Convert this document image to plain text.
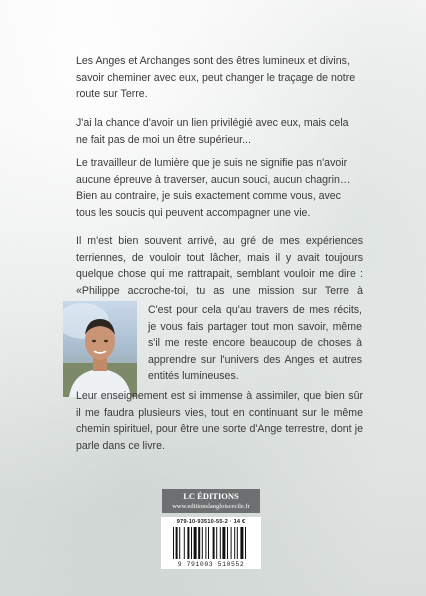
Les Anges et Archanges sont des êtres lumineux et divins, savoir cheminer avec eux, peut changer le traçage de notre route sur Terre.

J'ai la chance d'avoir un lien privilégié avec eux, mais cela ne fait pas de moi un être supérieur...

Le travailleur de lumière que je suis ne signifie pas n'avoir aucune épreuve à traverser, aucun souci, aucun chagrin… Bien au contraire, je suis exactement comme vous, avec tous les soucis qui peuvent accompagner une vie.

Il m'est bien souvent arrivé, au gré de mes expériences terriennes, de vouloir tout lâcher, mais il y avait toujours quelque chose qui me rattrapait, semblant vouloir me dire : «Philippe accroche-toi, tu as une mission sur Terre à

C'est pour cela qu'au travers de mes récits, je vous fais partager tout mon savoir, même s'il me reste encore beaucoup de choses à apprendre sur l'univers des Anges et autres entités lumineuses.

Leur enseignement est si immense à assimiler, que bien sûr il me faudra plusieurs vies, tout en continuant sur le même chemin spirituel, pour être une sorte d'Ange terrestre, dont je parle dans ce livre.

LC ÉDITIONS
www.editionslangloiscecile.fr
979-10-93510-55-2 · 14 €
9 791093 510552
